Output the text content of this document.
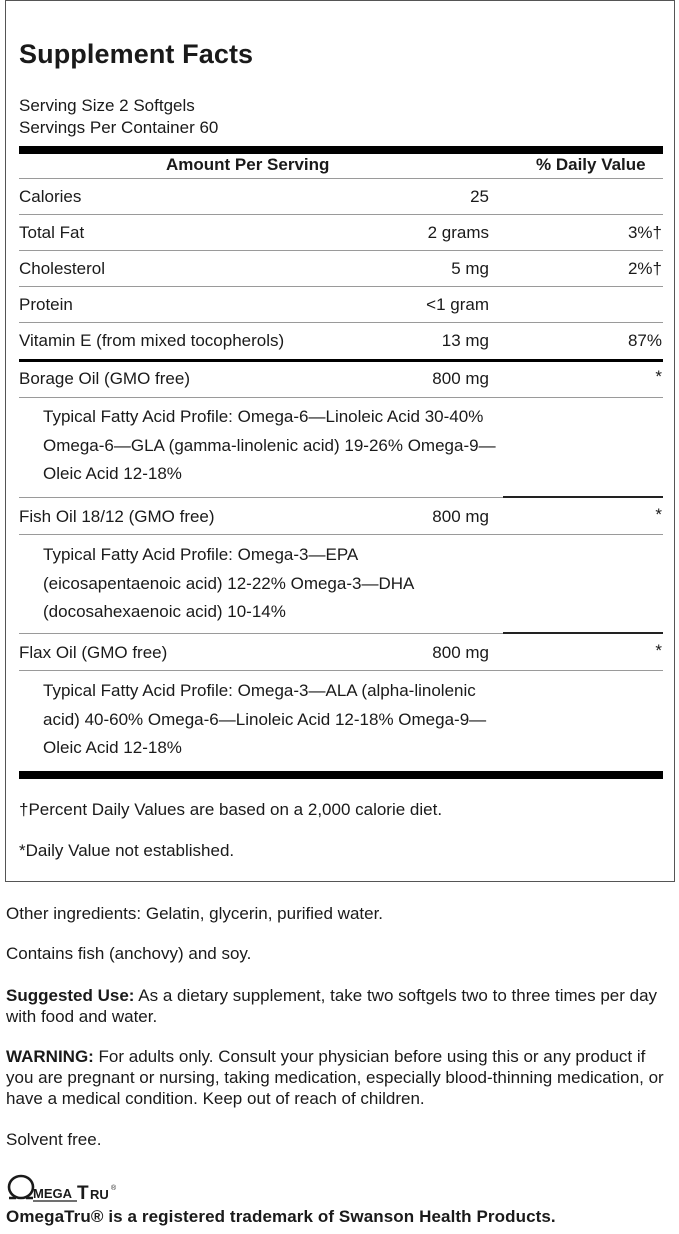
Supplement Facts
Serving Size 2 Softgels
Servings Per Container 60
Amount Per Serving	% Daily Value
Calories	25
Total Fat	2 grams	3%†
Cholesterol	5 mg	2%†
Protein	<1 gram
Vitamin E (from mixed tocopherols)	13 mg	87%
Borage Oil (GMO free)	800 mg	*
Typical Fatty Acid Profile: Omega-6—Linoleic Acid 30-40% Omega-6—GLA (gamma-linolenic acid) 19-26% Omega-9—Oleic Acid 12-18%
Fish Oil 18/12 (GMO free)	800 mg	*
Typical Fatty Acid Profile: Omega-3—EPA (eicosapentaenoic acid) 12-22% Omega-3—DHA (docosahexaenoic acid) 10-14%
Flax Oil (GMO free)	800 mg	*
Typical Fatty Acid Profile: Omega-3—ALA (alpha-linolenic acid) 40-60% Omega-6—Linoleic Acid 12-18% Omega-9—Oleic Acid 12-18%
†Percent Daily Values are based on a 2,000 calorie diet.
*Daily Value not established.

Other ingredients: Gelatin, glycerin, purified water.

Contains fish (anchovy) and soy.

Suggested Use: As a dietary supplement, take two softgels two to three times per day with food and water.

WARNING: For adults only. Consult your physician before using this or any product if you are pregnant or nursing, taking medication, especially blood-thinning medication, or have a medical condition. Keep out of reach of children.

Solvent free.

MEGA T RU ®
OmegaTru® is a registered trademark of Swanson Health Products.
